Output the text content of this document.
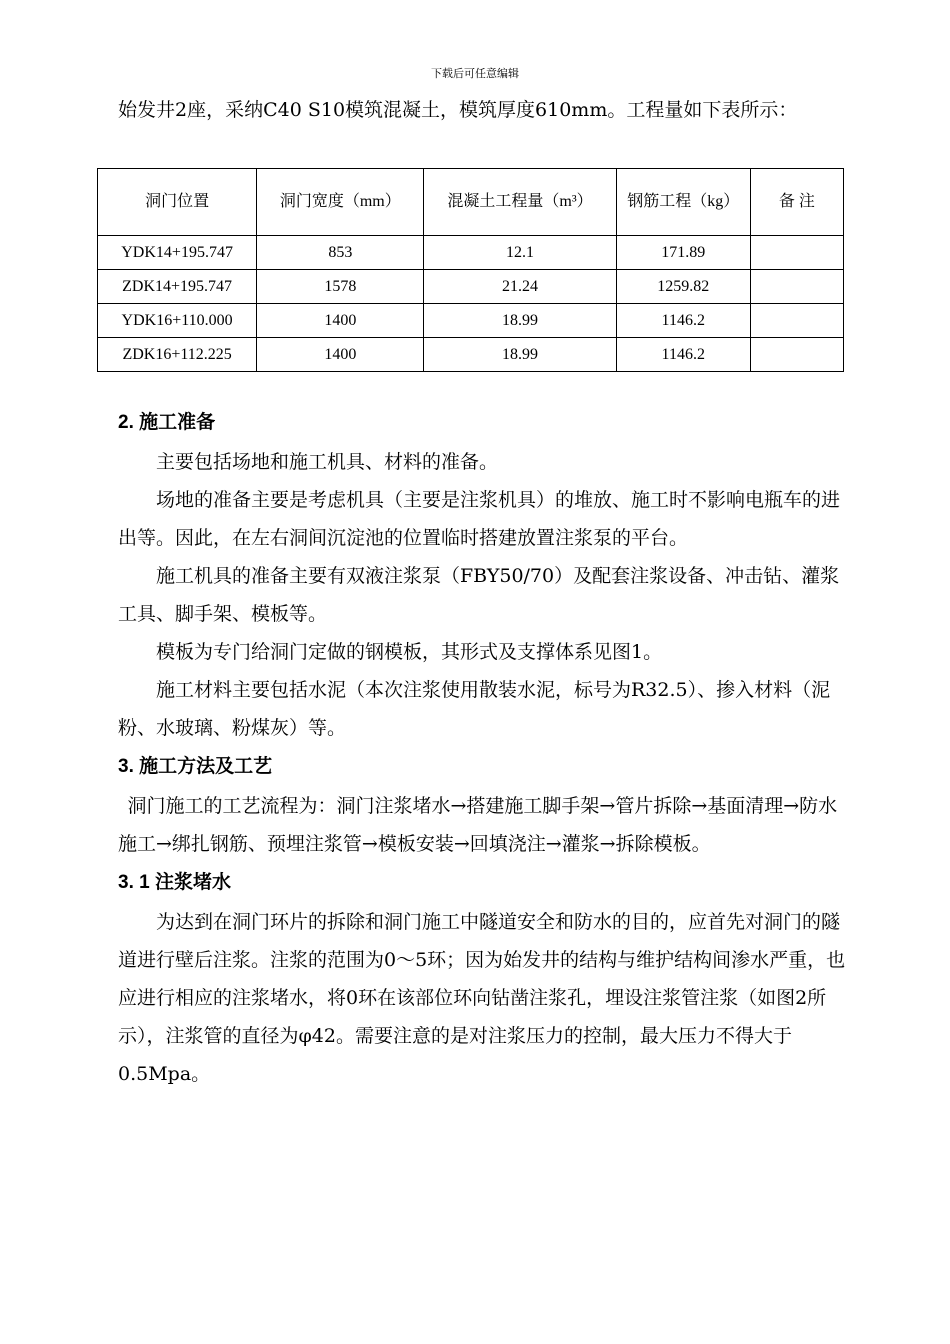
下载后可任意编辑

始发井2座，采纳C40 S10模筑混凝土，模筑厚度610mm。工程量如下表所示：

洞门位置	洞门宽度（mm）	混凝土工程量（m³）	钢筋工程（kg）	备 注
YDK14+195.747	853	12.1	171.89	
ZDK14+195.747	1578	21.24	1259.82	
YDK16+110.000	1400	18.99	1146.2	
ZDK16+112.225	1400	18.99	1146.2	
2. 施工准备

主要包括场地和施工机具、材料的准备。

场地的准备主要是考虑机具（主要是注浆机具）的堆放、施工时不影响电瓶车的进出等。因此，在左右洞间沉淀池的位置临时搭建放置注浆泵的平台。

施工机具的准备主要有双液注浆泵（FBY50/70）及配套注浆设备、冲击钻、灌浆工具、脚手架、模板等。

模板为专门给洞门定做的钢模板，其形式及支撑体系见图1。

施工材料主要包括水泥（本次注浆使用散装水泥，标号为R32.5）、掺入材料（泥粉、水玻璃、粉煤灰）等。

3. 施工方法及工艺

洞门施工的工艺流程为：洞门注浆堵水→搭建施工脚手架→管片拆除→基面清理→防水施工→绑扎钢筋、预埋注浆管→模板安装→回填浇注→灌浆→拆除模板。

3. 1 注浆堵水

为达到在洞门环片的拆除和洞门施工中隧道安全和防水的目的，应首先对洞门的隧道进行壁后注浆。注浆的范围为0～5环；因为始发井的结构与维护结构间渗水严重，也应进行相应的注浆堵水，将0环在该部位环向钻凿注浆孔，埋设注浆管注浆（如图2所示），注浆管的直径为φ42。需要注意的是对注浆压力的控制，最大压力不得大于0.5Mpa。
